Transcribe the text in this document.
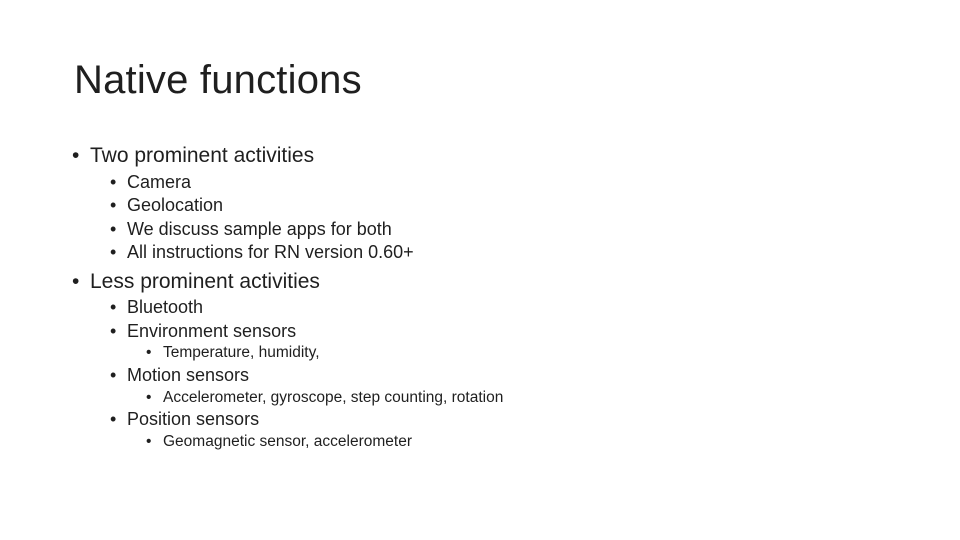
Native functions
• Two prominent activities
• Camera
• Geolocation
• We discuss sample apps for both
• All instructions for RN version 0.60+
• Less prominent activities
• Bluetooth
• Environment sensors
• Temperature, humidity,
• Motion sensors
• Accelerometer, gyroscope, step counting, rotation
• Position sensors
• Geomagnetic sensor, accelerometer
